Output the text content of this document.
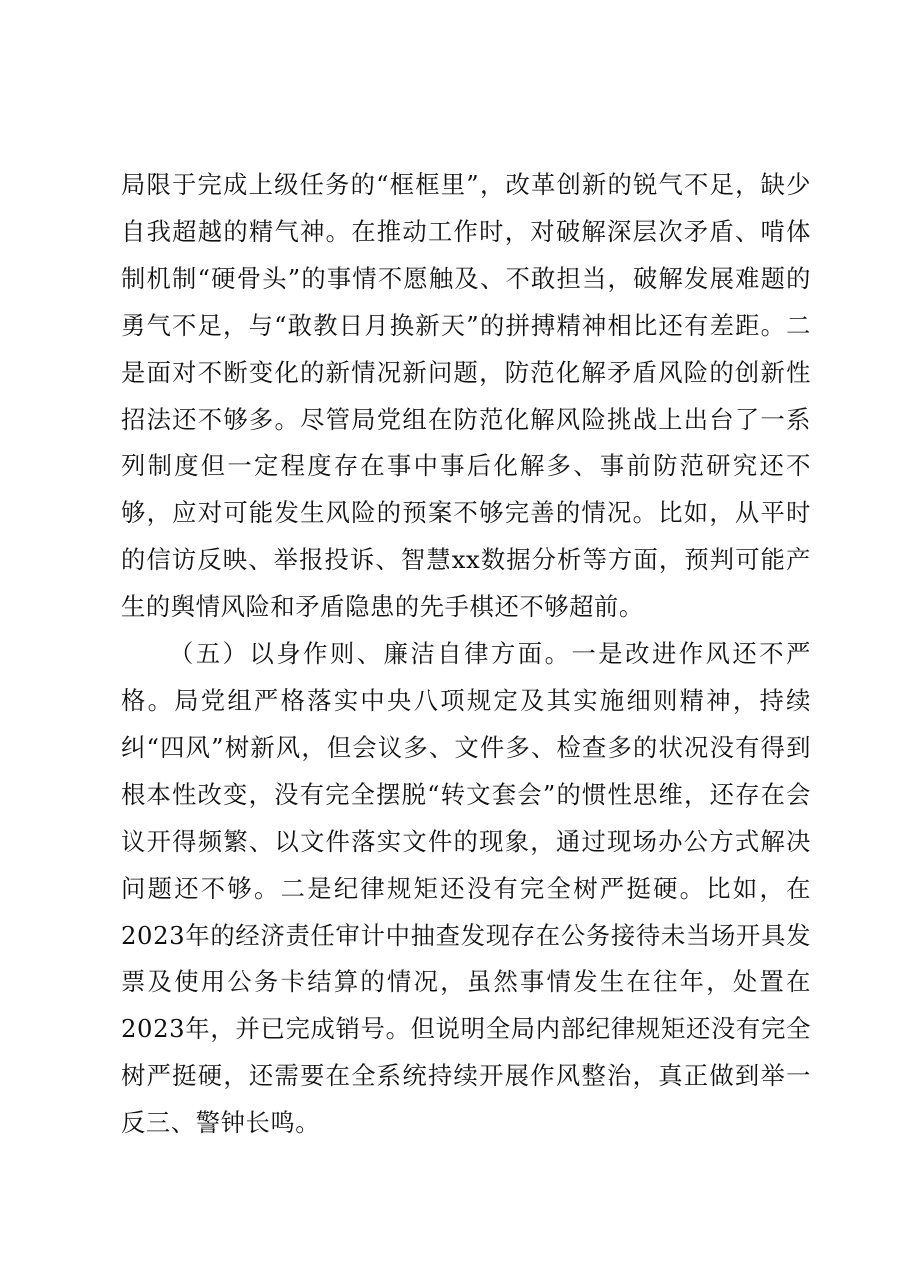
局限于完成上级任务的“框框里”，改革创新的锐气不足，缺少自我超越的精气神。在推动工作时，对破解深层次矛盾、啃体制机制“硬骨头”的事情不愿触及、不敢担当，破解发展难题的勇气不足，与“敢教日月换新天”的拼搏精神相比还有差距。二是面对不断变化的新情况新问题，防范化解矛盾风险的创新性招法还不够多。尽管局党组在防范化解风险挑战上出台了一系列制度但一定程度存在事中事后化解多、事前防范研究还不够，应对可能发生风险的预案不够完善的情况。比如，从平时的信访反映、举报投诉、智慧xx数据分析等方面，预判可能产生的舆情风险和矛盾隐患的先手棋还不够超前。

（五）以身作则、廉洁自律方面。一是改进作风还不严格。局党组严格落实中央八项规定及其实施细则精神，持续纠“四风”树新风，但会议多、文件多、检查多的状况没有得到根本性改变，没有完全摆脱“转文套会”的惯性思维，还存在会议开得频繁、以文件落实文件的现象，通过现场办公方式解决问题还不够。二是纪律规矩还没有完全树严挺硬。比如，在2023年的经济责任审计中抽查发现存在公务接待未当场开具发票及使用公务卡结算的情况，虽然事情发生在往年，处置在2023年，并已完成销号。但说明全局内部纪律规矩还没有完全树严挺硬，还需要在全系统持续开展作风整治，真正做到举一反三、警钟长鸣。
